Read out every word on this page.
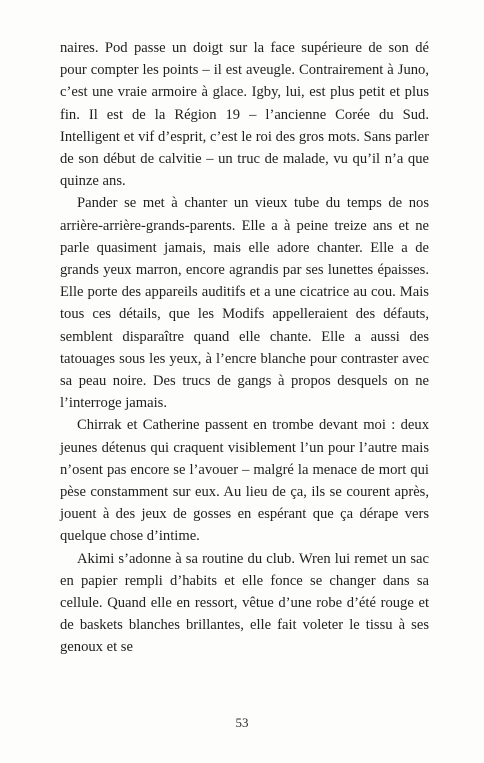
naires. Pod passe un doigt sur la face supérieure de son dé pour compter les points – il est aveugle. Contrairement à Juno, c’est une vraie armoire à glace. Igby, lui, est plus petit et plus fin. Il est de la Région 19 – l’ancienne Corée du Sud. Intelligent et vif d’esprit, c’est le roi des gros mots. Sans parler de son début de calvitie – un truc de malade, vu qu’il n’a que quinze ans.

Pander se met à chanter un vieux tube du temps de nos arrière-arrière-grands-parents. Elle a à peine treize ans et ne parle quasiment jamais, mais elle adore chanter. Elle a de grands yeux marron, encore agrandis par ses lunettes épaisses. Elle porte des appareils auditifs et a une cicatrice au cou. Mais tous ces détails, que les Modifs appelleraient des défauts, semblent disparaître quand elle chante. Elle a aussi des tatouages sous les yeux, à l’encre blanche pour contraster avec sa peau noire. Des trucs de gangs à propos desquels on ne l’interroge jamais.

Chirrak et Catherine passent en trombe devant moi : deux jeunes détenus qui craquent visiblement l’un pour l’autre mais n’osent pas encore se l’avouer – malgré la menace de mort qui pèse constamment sur eux. Au lieu de ça, ils se courent après, jouent à des jeux de gosses en espérant que ça dérape vers quelque chose d’intime.

Akimi s’adonne à sa routine du club. Wren lui remet un sac en papier rempli d’habits et elle fonce se changer dans sa cellule. Quand elle en ressort, vêtue d’une robe d’été rouge et de baskets blanches brillantes, elle fait voleter le tissu à ses genoux et se

53
